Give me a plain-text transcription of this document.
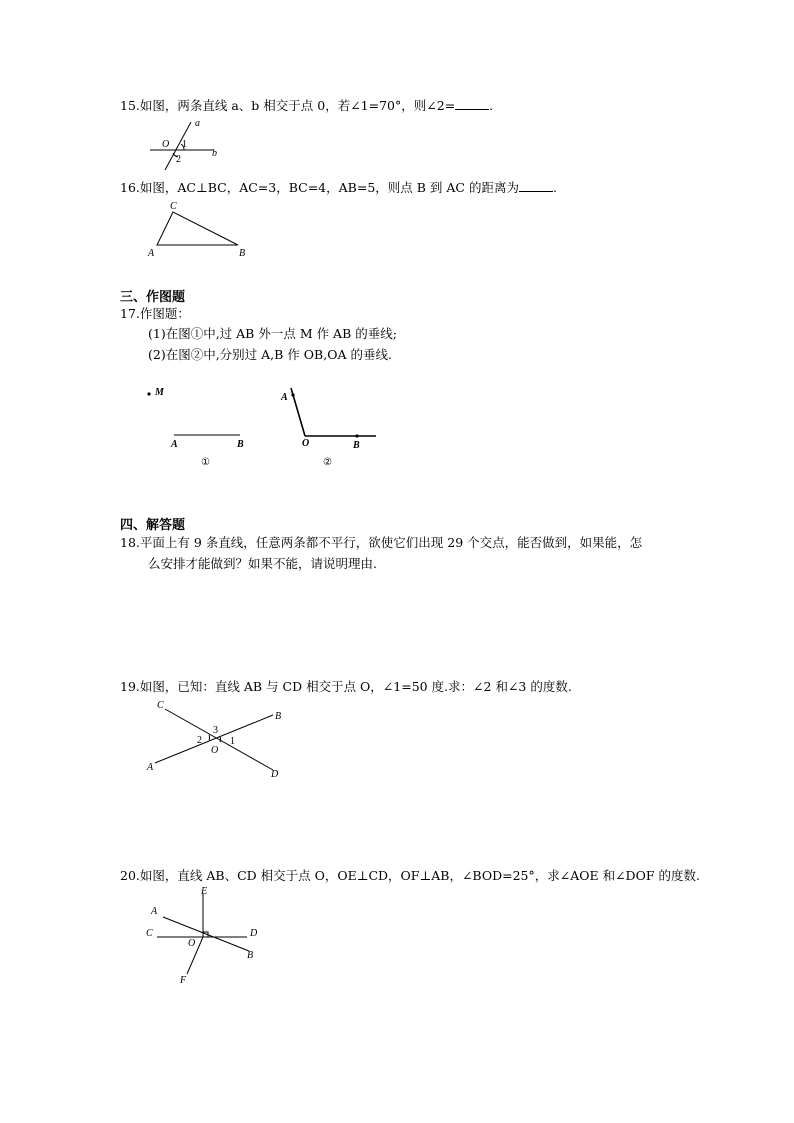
15.如图，两条直线 a、b 相交于点 0，若∠1=70°，则∠2=	.
a
b
O 1
2
16.如图，AC⊥BC，AC=3，BC=4，AB=5，则点 B 到 AC 的距离为	.
C
A	B
三、作图题
17.作图题：
(1)在图①中,过 AB 外一点 M 作 AB 的垂线;
(2)在图②中,分别过 A,B 作 OB,OA 的垂线.
M
A	B
①
A
O	B
②
四、解答题
18.平面上有 9 条直线，任意两条都不平行，欲使它们出现 29 个交点，能否做到，如果能，怎
么安排才能做到？如果不能，请说明理由.
19.如图，已知：直线 AB 与 CD 相交于点 O，∠1=50 度.求：∠2 和∠3 的度数.
C
B
A
D
O
1
2
3
20.如图，直线 AB、CD 相交于点 O，OE⊥CD，OF⊥AB，∠BOD=25°，求∠AOE 和∠DOF 的度数.
E
A
C
O
D
B
F
